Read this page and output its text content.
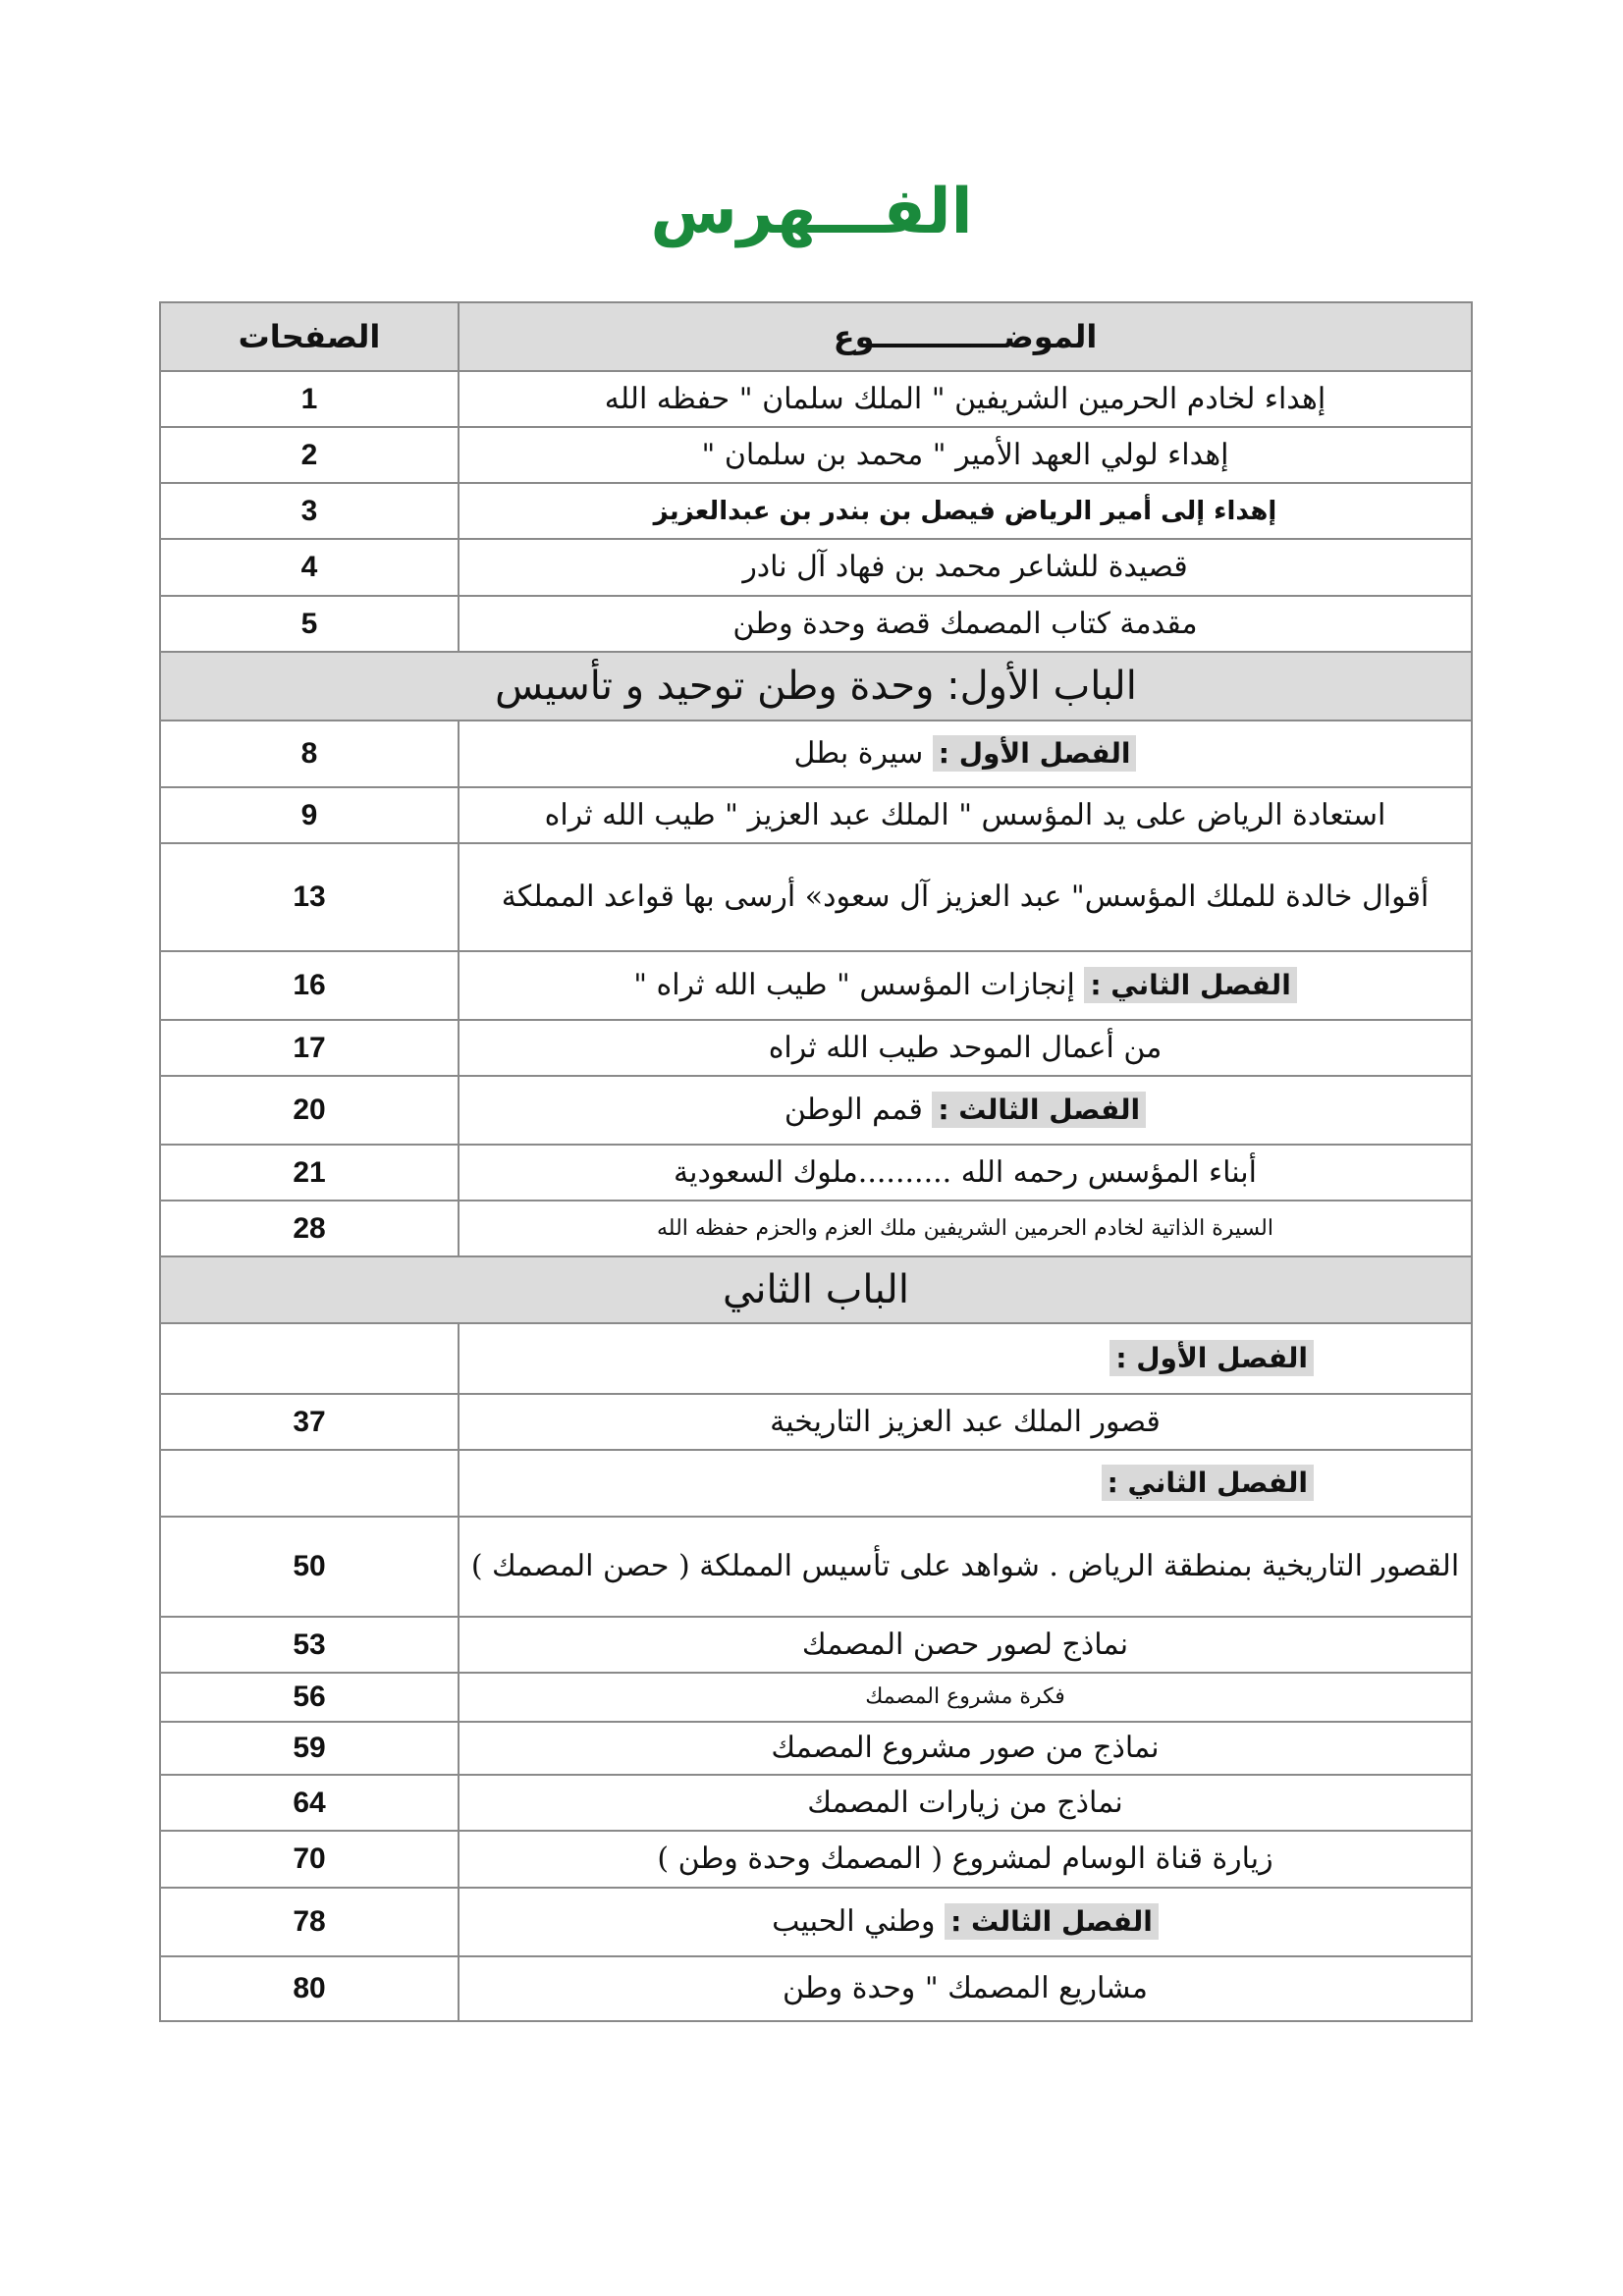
الفـــهرس
الصفحات	الموضــــــــــــوع
1	إهداء لخادم الحرمين الشريفين " الملك سلمان " حفظه الله
2	إهداء لولي العهد الأمير " محمد بن سلمان "
3	إهداء إلى أمير الرياض فيصل بن بندر بن عبدالعزيز
4	قصيدة للشاعر محمد بن فهاد آل نادر
5	مقدمة كتاب المصمك قصة وحدة وطن
الباب الأول: وحدة وطن توحيد و تأسيس	
8	الفصل الأول : سيرة بطل
9	استعادة الرياض على يد المؤسس " الملك عبد العزيز " طيب الله ثراه
13	أقوال خالدة للملك المؤسس" عبد العزيز آل سعود» أرسى بها قواعد المملكة
16	الفصل الثاني : إنجازات المؤسس " طيب الله ثراه "
17	من أعمال الموحد طيب الله ثراه
20	الفصل الثالث : قمم الوطن
21	أبناء المؤسس رحمه الله ..........ملوك السعودية
28	السيرة الذاتية لخادم الحرمين الشريفين ملك العزم والحزم حفظه الله
الباب الثاني	
	الفصل الأول :
37	قصور الملك عبد العزيز التاريخية
	الفصل الثاني :
50	القصور التاريخية بمنطقة الرياض . شواهد على تأسيس المملكة ( حصن المصمك )
53	نماذج لصور حصن المصمك
56	فكرة مشروع المصمك
59	نماذج من صور مشروع المصمك
64	نماذج من زيارات المصمك
70	زيارة قناة الوسام لمشروع ( المصمك وحدة وطن )
78	الفصل الثالث : وطني الحبيب
80	مشاريع المصمك " وحدة وطن
